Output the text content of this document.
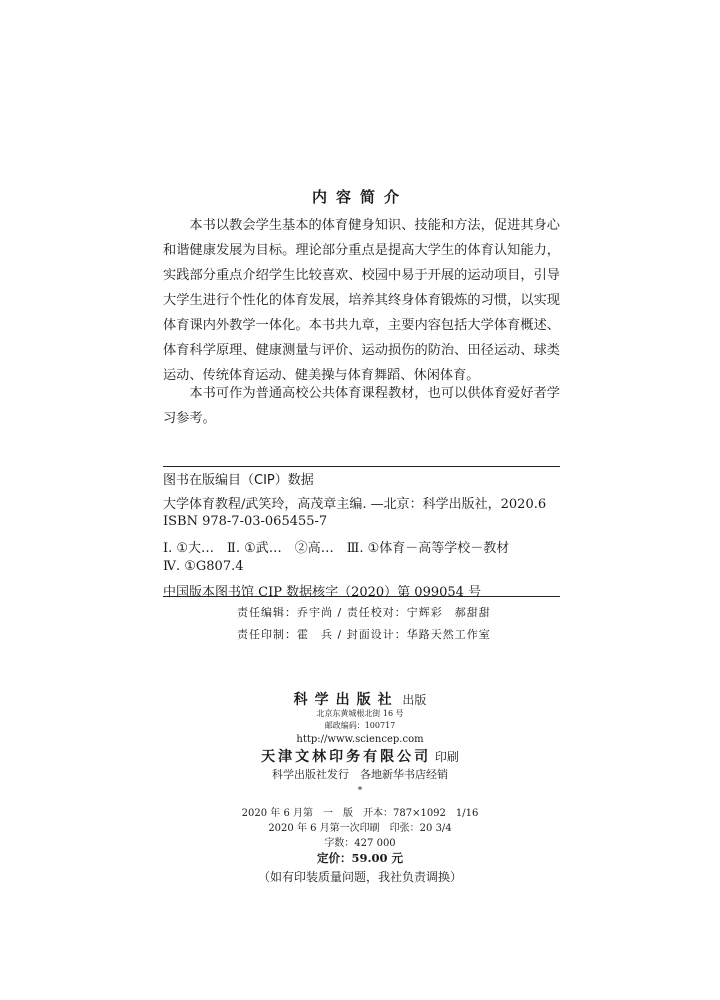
内容简介

本书以教会学生基本的体育健身知识、技能和方法，促进其身心和谐健康发展为目标。理论部分重点是提高大学生的体育认知能力，实践部分重点介绍学生比较喜欢、校园中易于开展的运动项目，引导大学生进行个性化的体育发展，培养其终身体育锻炼的习惯，以实现体育课内外教学一体化。本书共九章，主要内容包括大学体育概述、体育科学原理、健康测量与评价、运动损伤的防治、田径运动、球类运动、传统体育运动、健美操与体育舞蹈、休闲体育。

本书可作为普通高校公共体育课程教材，也可以供体育爱好者学习参考。

图书在版编目（CIP）数据
大学体育教程/武笑玲，高茂章主编. —北京：科学出版社，2020.6
ISBN 978-7-03-065455-7
Ⅰ. ①大…　Ⅱ. ①武…　②高…　Ⅲ. ①体育－高等学校－教材
Ⅳ. ①G807.4
中国版本图书馆 CIP 数据核字（2020）第 099054 号
责任编辑：乔宇尚 / 责任校对：宁辉彩　郝甜甜
责任印制：霍　兵 / 封面设计：华路天然工作室
科学出版社 出版
北京东黄城根北街 16 号
邮政编码：100717
http://www.sciencep.com
天津文林印务有限公司 印刷
科学出版社发行　各地新华书店经销
*
2020 年 6 月第　一　版　开本：787×1092　1/16
2020 年 6 月第一次印刷　印张：20 3/4
字数：427 000
定价：59.00 元
（如有印装质量问题，我社负责调换）
